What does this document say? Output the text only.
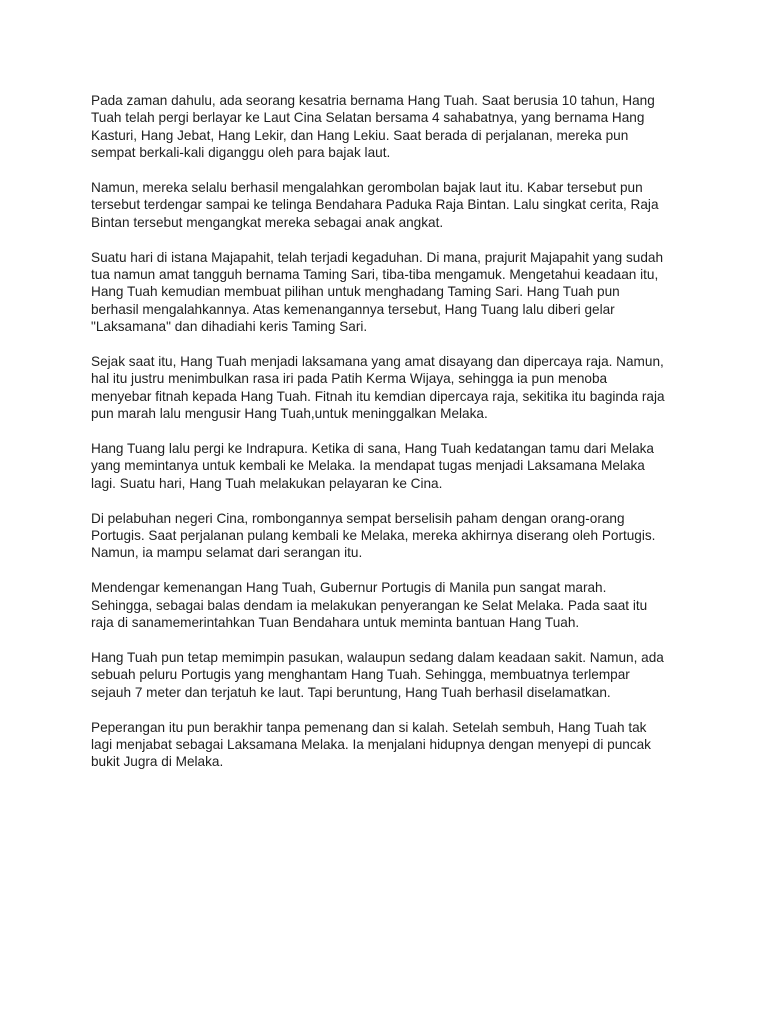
Pada zaman dahulu, ada seorang kesatria bernama Hang Tuah. Saat berusia 10 tahun, Hang
Tuah telah pergi berlayar ke Laut Cina Selatan bersama 4 sahabatnya, yang bernama Hang
Kasturi, Hang Jebat, Hang Lekir, dan Hang Lekiu. Saat berada di perjalanan, mereka pun
sempat berkali-kali diganggu oleh para bajak laut.

Namun, mereka selalu berhasil mengalahkan gerombolan bajak laut itu. Kabar tersebut pun
tersebut terdengar sampai ke telinga Bendahara Paduka Raja Bintan. Lalu singkat cerita, Raja
Bintan tersebut mengangkat mereka sebagai anak angkat.

Suatu hari di istana Majapahit, telah terjadi kegaduhan. Di mana, prajurit Majapahit yang sudah
tua namun amat tangguh bernama Taming Sari, tiba-tiba mengamuk. Mengetahui keadaan itu,
Hang Tuah kemudian membuat pilihan untuk menghadang Taming Sari. Hang Tuah pun
berhasil mengalahkannya. Atas kemenangannya tersebut, Hang Tuang lalu diberi gelar
"Laksamana" dan dihadiahi keris Taming Sari.

Sejak saat itu, Hang Tuah menjadi laksamana yang amat disayang dan dipercaya raja. Namun,
hal itu justru menimbulkan rasa iri pada Patih Kerma Wijaya, sehingga ia pun menoba
menyebar fitnah kepada Hang Tuah. Fitnah itu kemdian dipercaya raja, sekitika itu baginda raja
pun marah lalu mengusir Hang Tuah,untuk meninggalkan Melaka.

Hang Tuang lalu pergi ke Indrapura. Ketika di sana, Hang Tuah kedatangan tamu dari Melaka
yang memintanya untuk kembali ke Melaka. Ia mendapat tugas menjadi Laksamana Melaka
lagi. Suatu hari, Hang Tuah melakukan pelayaran ke Cina.

Di pelabuhan negeri Cina, rombongannya sempat berselisih paham dengan orang-orang
Portugis. Saat perjalanan pulang kembali ke Melaka, mereka akhirnya diserang oleh Portugis.
Namun, ia mampu selamat dari serangan itu.

Mendengar kemenangan Hang Tuah, Gubernur Portugis di Manila pun sangat marah.
Sehingga, sebagai balas dendam ia melakukan penyerangan ke Selat Melaka. Pada saat itu
raja di sanamemerintahkan Tuan Bendahara untuk meminta bantuan Hang Tuah.

Hang Tuah pun tetap memimpin pasukan, walaupun sedang dalam keadaan sakit. Namun, ada
sebuah peluru Portugis yang menghantam Hang Tuah. Sehingga, membuatnya terlempar
sejauh 7 meter dan terjatuh ke laut. Tapi beruntung, Hang Tuah berhasil diselamatkan.

Peperangan itu pun berakhir tanpa pemenang dan si kalah. Setelah sembuh, Hang Tuah tak
lagi menjabat sebagai Laksamana Melaka. Ia menjalani hidupnya dengan menyepi di puncak
bukit Jugra di Melaka.
